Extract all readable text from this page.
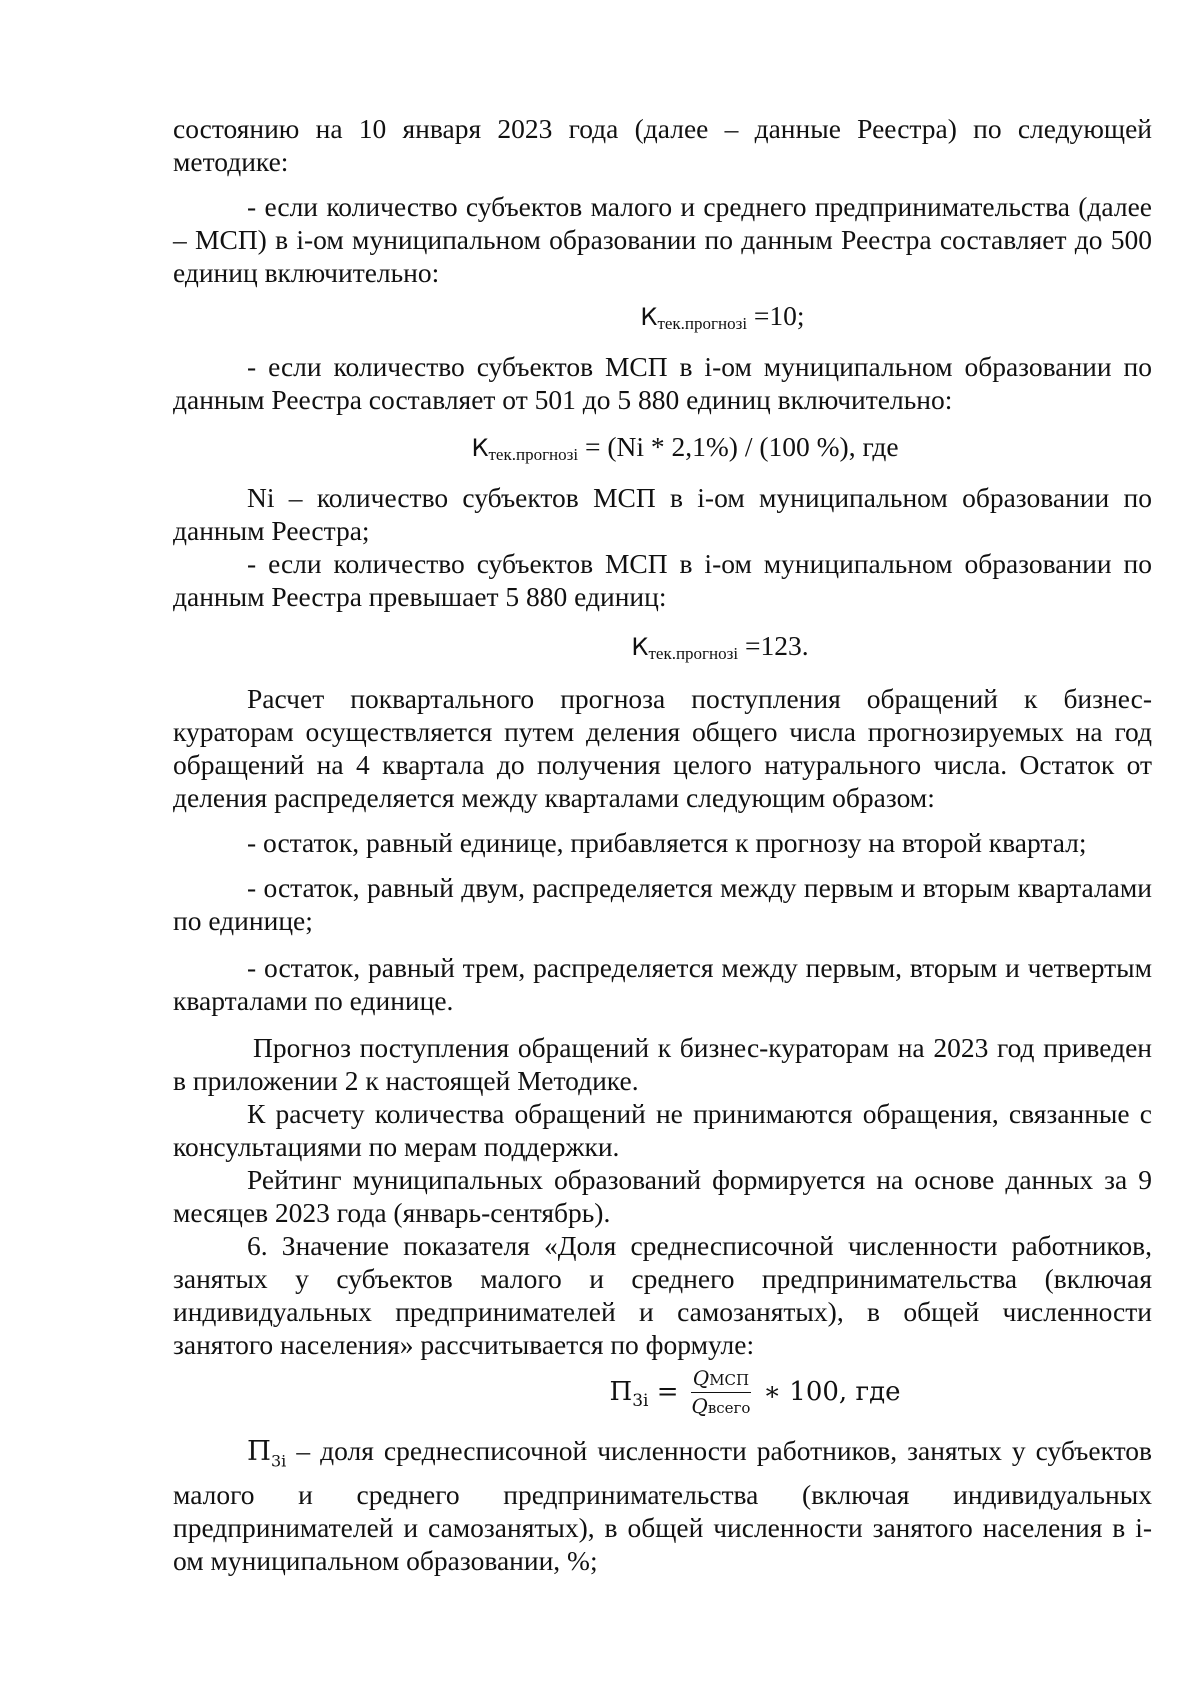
состоянию на 10 января 2023 года (далее – данные Реестра) по следующей методике:

- если количество субъектов малого и среднего предпринимательства (далее – МСП) в i-ом муниципальном образовании по данным Реестра составляет до 500 единиц включительно:

Ктек.прогнозi =10;

- если количество субъектов МСП в i-ом муниципальном образовании по данным Реестра составляет от 501 до 5 880 единиц включительно:

Ктек.прогнозi = (Ni * 2,1%) / (100 %), где

Ni – количество субъектов МСП в i-ом муниципальном образовании по данным Реестра;

- если количество субъектов МСП в i-ом муниципальном образовании по данным Реестра превышает 5 880 единиц:

Ктек.прогнозi =123.

Расчет поквартального прогноза поступления обращений к бизнес-кураторам осуществляется путем деления общего числа прогнозируемых на год обращений на 4 квартала до получения целого натурального числа. Остаток от деления распределяется между кварталами следующим образом:

- остаток, равный единице, прибавляется к прогнозу на второй квартал;

- остаток, равный двум, распределяется между первым и вторым кварталами по единице;

- остаток, равный трем, распределяется между первым, вторым и четвертым кварталами по единице.

Прогноз поступления обращений к бизнес-кураторам на 2023 год приведен в приложении 2 к настоящей Методике.

К расчету количества обращений не принимаются обращения, связанные с консультациями по мерам поддержки.

Рейтинг муниципальных образований формируется на основе данных за 9 месяцев 2023 года (январь-сентябрь).

6. Значение показателя «Доля среднесписочной численности работников, занятых у субъектов малого и среднего предпринимательства (включая индивидуальных предпринимателей и самозанятых), в общей численности занятого населения» рассчитывается по формуле:

$П_{3i} = \frac{\text{QМСП}}{\text{Qвсего}}$ ∗ 100, где

$П_{3i}$ – доля среднесписочной численности работников, занятых у субъектов малого и среднего предпринимательства (включая индивидуальных предпринимателей и самозанятых), в общей численности занятого населения в i-ом муниципальном образовании, %;
